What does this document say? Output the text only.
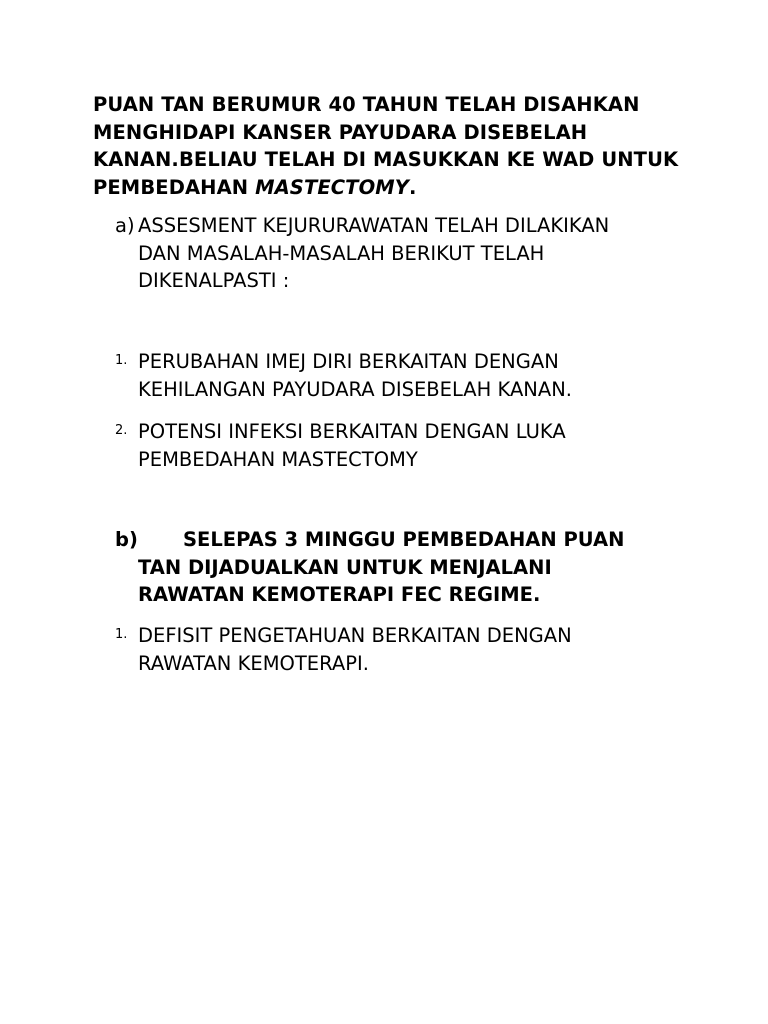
PUAN TAN BERUMUR 40 TAHUN TELAH DISAHKAN MENGHIDAPI KANSER PAYUDARA DISEBELAH KANAN.BELIAU TELAH DI MASUKKAN KE WAD UNTUK PEMBEDAHAN MASTECTOMY.
a) ASSESMENT KEJURURAWATAN TELAH DILAKIKAN DAN MASALAH-MASALAH BERIKUT TELAH DIKENALPASTI :
1. PERUBAHAN IMEJ DIRI BERKAITAN DENGAN KEHILANGAN PAYUDARA DISEBELAH KANAN.
2. POTENSI INFEKSI BERKAITAN DENGAN LUKA PEMBEDAHAN MASTECTOMY
b) SELEPAS 3 MINGGU PEMBEDAHAN PUAN
TAN DIJADUALKAN UNTUK MENJALANI RAWATAN KEMOTERAPI FEC REGIME.
1. DEFISIT PENGETAHUAN BERKAITAN DENGAN RAWATAN KEMOTERAPI.
